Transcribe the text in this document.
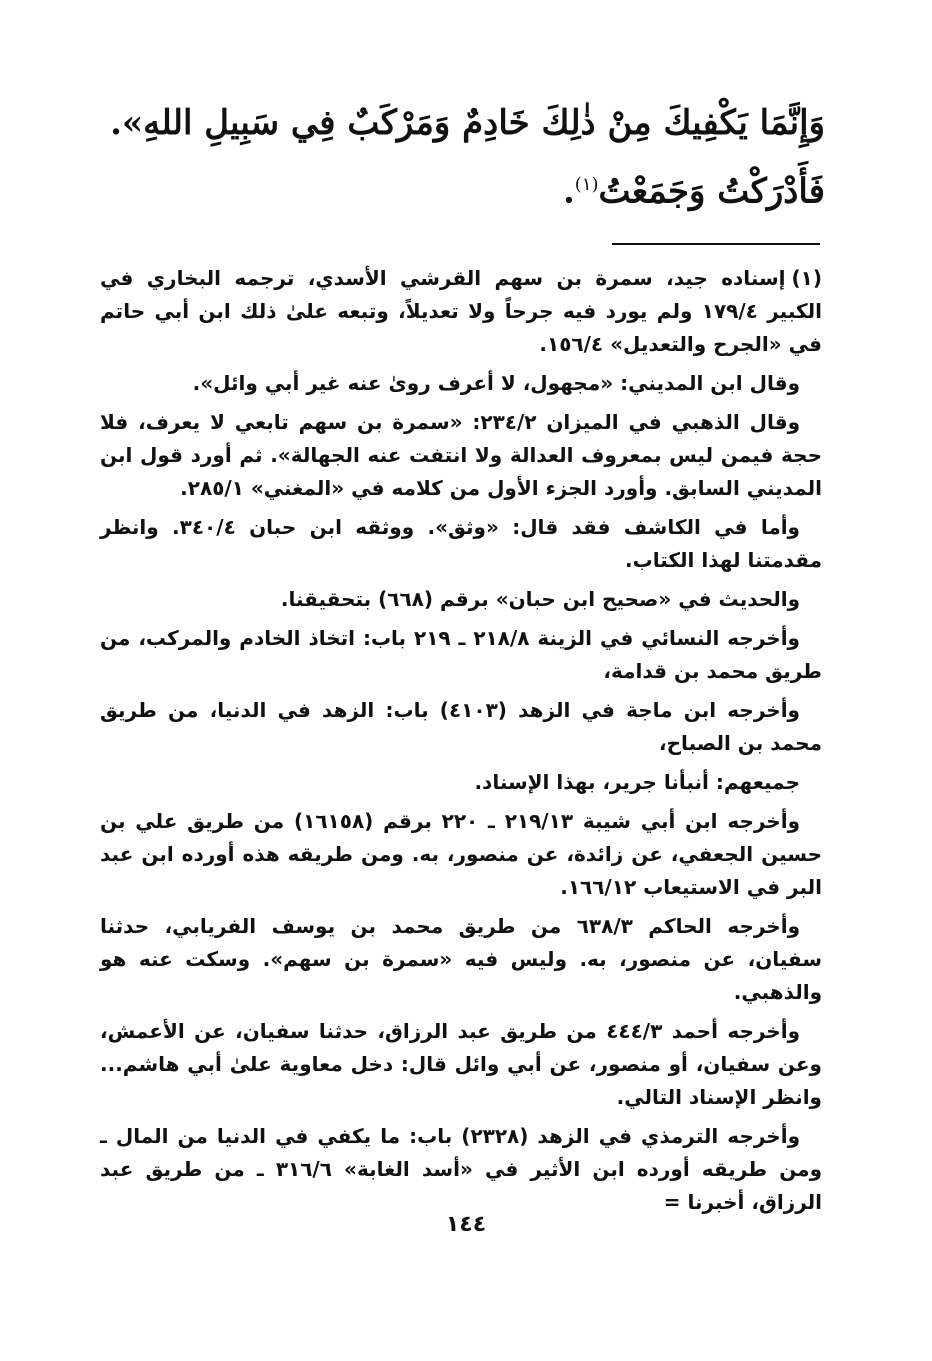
وَإِنَّمَا يَكْفِيكَ مِنْ ذٰلِكَ خَادِمٌ وَمَرْكَبٌ فِي سَبِيلِ اللهِ». فَأَدْرَكْتُ وَجَمَعْتُ$^{(١)}$.

(١)إسناده جيد، سمرة بن سهم القرشي الأسدي، ترجمه البخاري في الكبير ١٧٩/٤ ولم يورد فيه جرحاً ولا تعديلاً، وتبعه علىٰ ذلك ابن أبي حاتم في «الجرح والتعديل» ١٥٦/٤.

وقال ابن المديني: «مجهول، لا أعرف روىٰ عنه غير أبي وائل».

وقال الذهبي في الميزان ٢٣٤/٢: «سمرة بن سهم تابعي لا يعرف، فلا حجة فيمن ليس بمعروف العدالة ولا انتفت عنه الجهالة». ثم أورد قول ابن المديني السابق. وأورد الجزء الأول من كلامه في «المغني» ٢٨٥/١.

وأما في الكاشف فقد قال: «وثق». ووثقه ابن حبان ٣٤٠/٤. وانظر مقدمتنا لهذا الكتاب.

والحديث في «صحيح ابن حبان» برقم (٦٦٨) بتحقيقنا.

وأخرجه النسائي في الزينة ٢١٨/٨ ـ ٢١٩ باب: اتخاذ الخادم والمركب، من طريق محمد بن قدامة،

وأخرجه ابن ماجة في الزهد (٤١٠٣) باب: الزهد في الدنيا، من طريق محمد بن الصباح،

جميعهم: أنبأنا جرير، بهذا الإسناد.

وأخرجه ابن أبي شيبة ٢١٩/١٣ ـ ٢٢٠ برقم (١٦١٥٨) من طريق علي بن حسين الجعفي، عن زائدة، عن منصور، به. ومن طريقه هذه أورده ابن عبد البر في الاستيعاب ١٦٦/١٢.

وأخرجه الحاكم ٦٣٨/٣ من طريق محمد بن يوسف الفريابي، حدثنا سفيان، عن منصور، به. وليس فيه «سمرة بن سهم». وسكت عنه هو والذهبي.

وأخرجه أحمد ٤٤٤/٣ من طريق عبد الرزاق، حدثنا سفيان، عن الأعمش، وعن سفيان، أو منصور، عن أبي وائل قال: دخل معاوية علىٰ أبي هاشم... وانظر الإسناد التالي.

وأخرجه الترمذي في الزهد (٢٣٢٨) باب: ما يكفي في الدنيا من المال ـ ومن طريقه أورده ابن الأثير في «أسد الغابة» ٣١٦/٦ ـ من طريق عبد الرزاق، أخبرنا =

١٤٤
